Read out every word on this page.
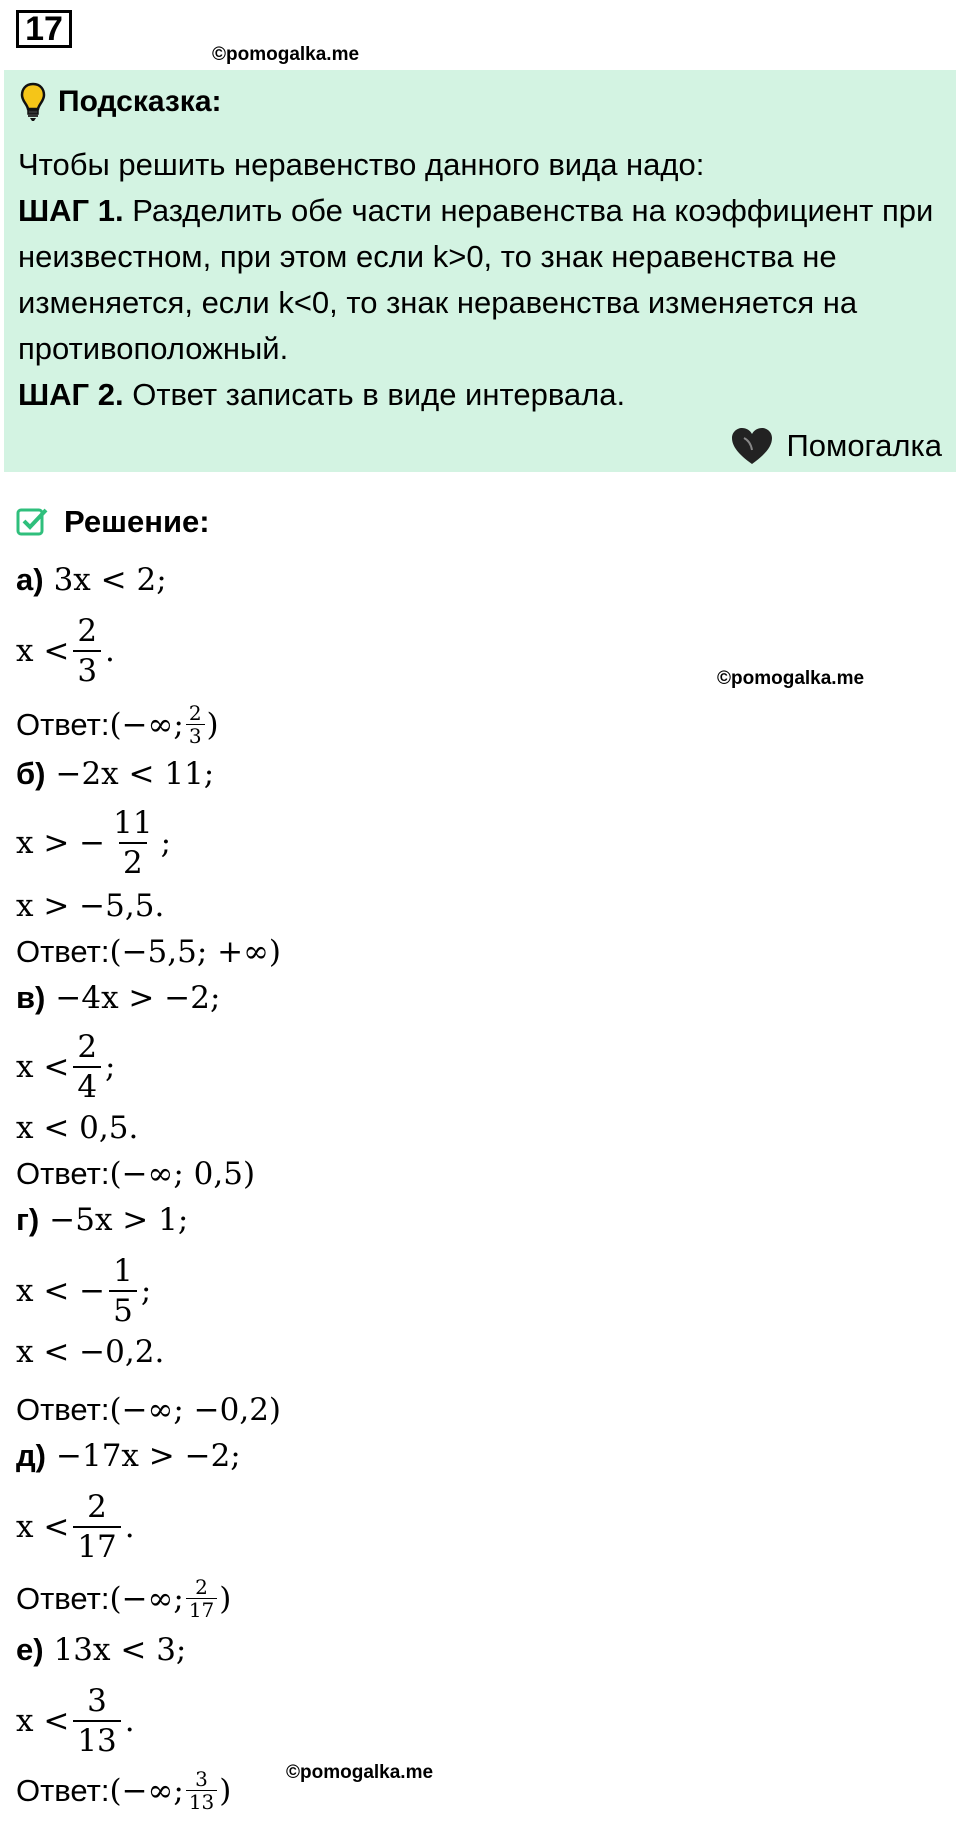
17
©pomogalka.me
Подсказка:
Чтобы решить неравенство данного вида надо:
ШАГ 1. Разделить обе части неравенства на коэффициент при неизвестном, при этом если k>0, то знак неравенства не изменяется, если k<0, то знак неравенства изменяется на противоположный.
ШАГ 2. Ответ записать в виде интервала.
Помогалка
Решение:
©pomogalka.me
а) 3x < 2;
$x < \frac{2}{3}$ .
Ответ: (−∞; 2
3 )
б) −2x < 11;
x > − $\frac{11}{2}$ ;
x > −5,5.
Ответ: (−5,5; +∞)
в) −4x > −2;
$x < \frac{2}{4}$ ;
x < 0,5.
Ответ: (−∞; 0,5)
г) −5x > 1;
x < − $\frac{1}{5}$ ;
x < −0,2.
Ответ: (−∞; −0,2)
д) −17x > −2;
$x < \frac{2}{17}$ .
Ответ: (−∞; 2
17 )
е) 13x < 3;
$x < \frac{3}{13}$ .
Ответ: (−∞; 3
13 )	©pomogalka.me
